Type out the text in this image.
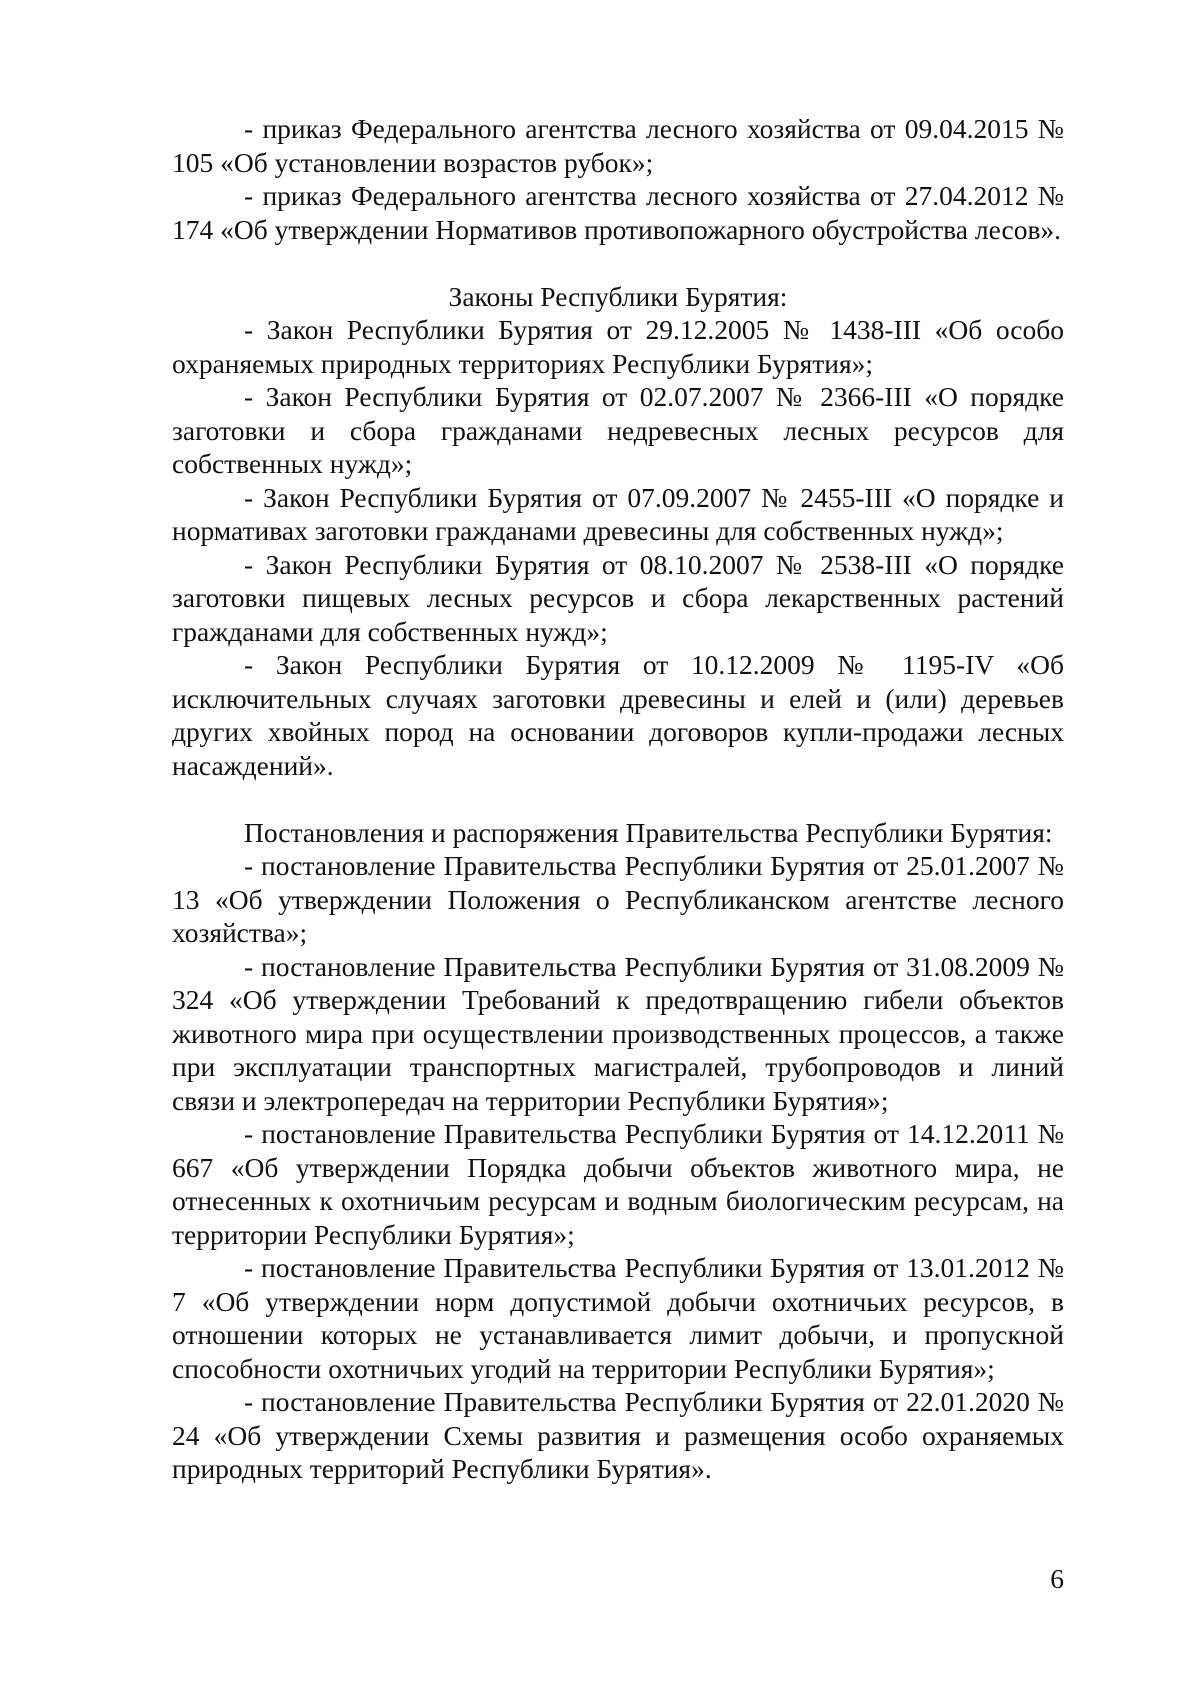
- приказ Федерального агентства лесного хозяйства от 09.04.2015 № 105 «Об установлении возрастов рубок»;

- приказ Федерального агентства лесного хозяйства от 27.04.2012 № 174 «Об утверждении Нормативов противопожарного обустройства лесов».

Законы Республики Бурятия:

- Закон Республики Бурятия от 29.12.2005 № 1438-III «Об особо охраняемых природных территориях Республики Бурятия»;

- Закон Республики Бурятия от 02.07.2007 № 2366-III «О порядке заготовки и сбора гражданами недревесных лесных ресурсов для собственных нужд»;

- Закон Республики Бурятия от 07.09.2007 № 2455-III «О порядке и нормативах заготовки гражданами древесины для собственных нужд»;

- Закон Республики Бурятия от 08.10.2007 № 2538-III «О порядке заготовки пищевых лесных ресурсов и сбора лекарственных растений гражданами для собственных нужд»;

- Закон Республики Бурятия от 10.12.2009 № 1195-IV «Об исключительных случаях заготовки древесины и елей и (или) деревьев других хвойных пород на основании договоров купли-продажи лесных насаждений».

Постановления и распоряжения Правительства Республики Бурятия:

- постановление Правительства Республики Бурятия от 25.01.2007 № 13 «Об утверждении Положения о Республиканском агентстве лесного хозяйства»;

- постановление Правительства Республики Бурятия от 31.08.2009 № 324 «Об утверждении Требований к предотвращению гибели объектов животного мира при осуществлении производственных процессов, а также при эксплуатации транспортных магистралей, трубопроводов и линий связи и электропередач на территории Республики Бурятия»;

- постановление Правительства Республики Бурятия от 14.12.2011 № 667 «Об утверждении Порядка добычи объектов животного мира, не отнесенных к охотничьим ресурсам и водным биологическим ресурсам, на территории Республики Бурятия»;

- постановление Правительства Республики Бурятия от 13.01.2012 № 7 «Об утверждении норм допустимой добычи охотничьих ресурсов, в отношении которых не устанавливается лимит добычи, и пропускной способности охотничьих угодий на территории Республики Бурятия»;

- постановление Правительства Республики Бурятия от 22.01.2020 № 24 «Об утверждении Схемы развития и размещения особо охраняемых природных территорий Республики Бурятия».

6
